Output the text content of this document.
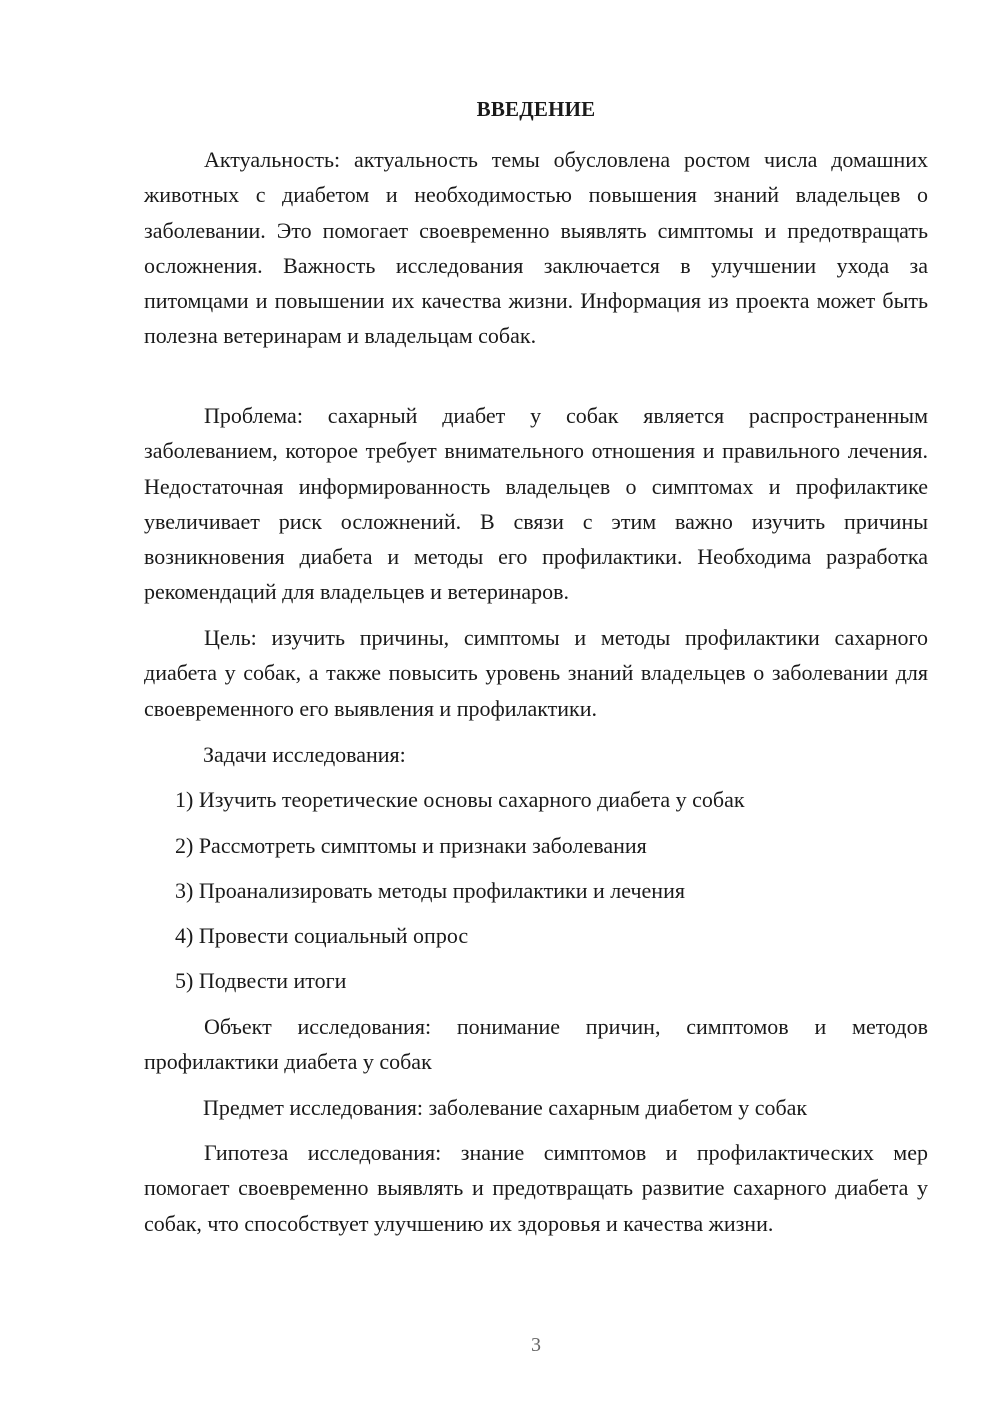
ВВЕДЕНИЕ

Актуальность: актуальность темы обусловлена ростом числа домашних животных с диабетом и необходимостью повышения знаний владельцев о заболевании. Это помогает своевременно выявлять симптомы и предотвращать осложнения. Важность исследования заключается в улучшении ухода за питомцами и повышении их качества жизни. Информация из проекта может быть полезна ветеринарам и владельцам собак.

Проблема: сахарный диабет у собак является распространенным заболеванием, которое требует внимательного отношения и правильного лечения. Недостаточная информированность владельцев о симптомах и профилактике увеличивает риск осложнений. В связи с этим важно изучить причины возникновения диабета и методы его профилактики. Необходима разработка рекомендаций для владельцев и ветеринаров.

Цель: изучить причины, симптомы и методы профилактики сахарного диабета у собак, а также повысить уровень знаний владельцев о заболевании для своевременного его выявления и профилактики.

Задачи исследования:

1) Изучить теоретические основы сахарного диабета у собак

2) Рассмотреть симптомы и признаки заболевания

3) Проанализировать методы профилактики и лечения

4) Провести социальный опрос

5) Подвести итоги

Объект исследования: понимание причин, симптомов и методов профилактики диабета у собак

Предмет исследования: заболевание сахарным диабетом у собак

Гипотеза исследования: знание симптомов и профилактических мер помогает своевременно выявлять и предотвращать развитие сахарного диабета у собак, что способствует улучшению их здоровья и качества жизни.

3
